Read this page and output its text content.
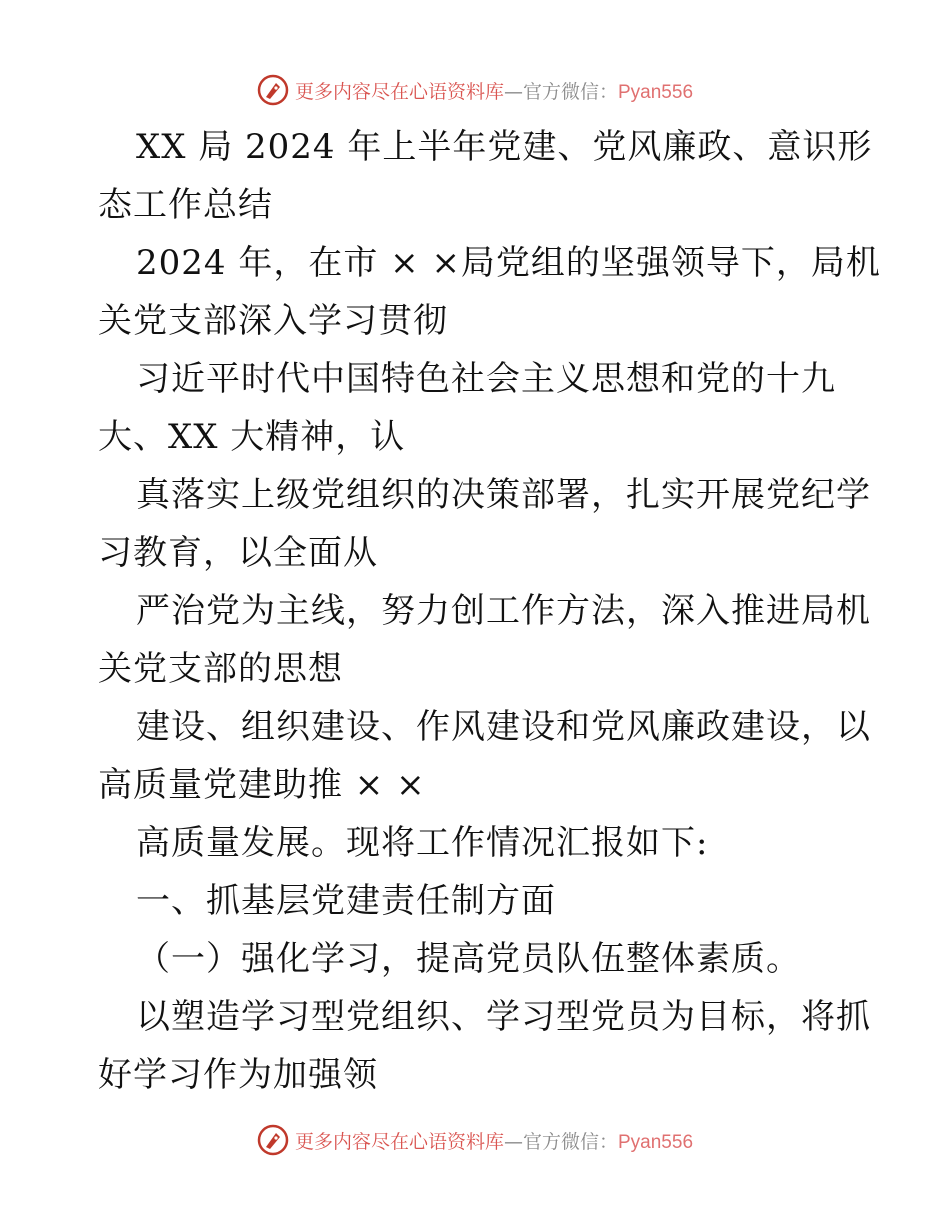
更多内容尽在心语资料库—官方微信：Pyan556
XX 局 2024 年上半年党建、党风廉政、意识形
态工作总结
2024 年，在市 × ×局党组的坚强领导下，局机
关党支部深入学习贯彻
习近平时代中国特色社会主义思想和党的十九
大、XX 大精神，认
真落实上级党组织的决策部署，扎实开展党纪学
习教育，以全面从
严治党为主线，努力创工作方法，深入推进局机
关党支部的思想
建设、组织建设、作风建设和党风廉政建设，以
高质量党建助推 × ×
高质量发展。现将工作情况汇报如下:
一、抓基层党建责任制方面
（一）强化学习，提高党员队伍整体素质。
以塑造学习型党组织、学习型党员为目标，将抓
好学习作为加强领
更多内容尽在心语资料库—官方微信：Pyan556
